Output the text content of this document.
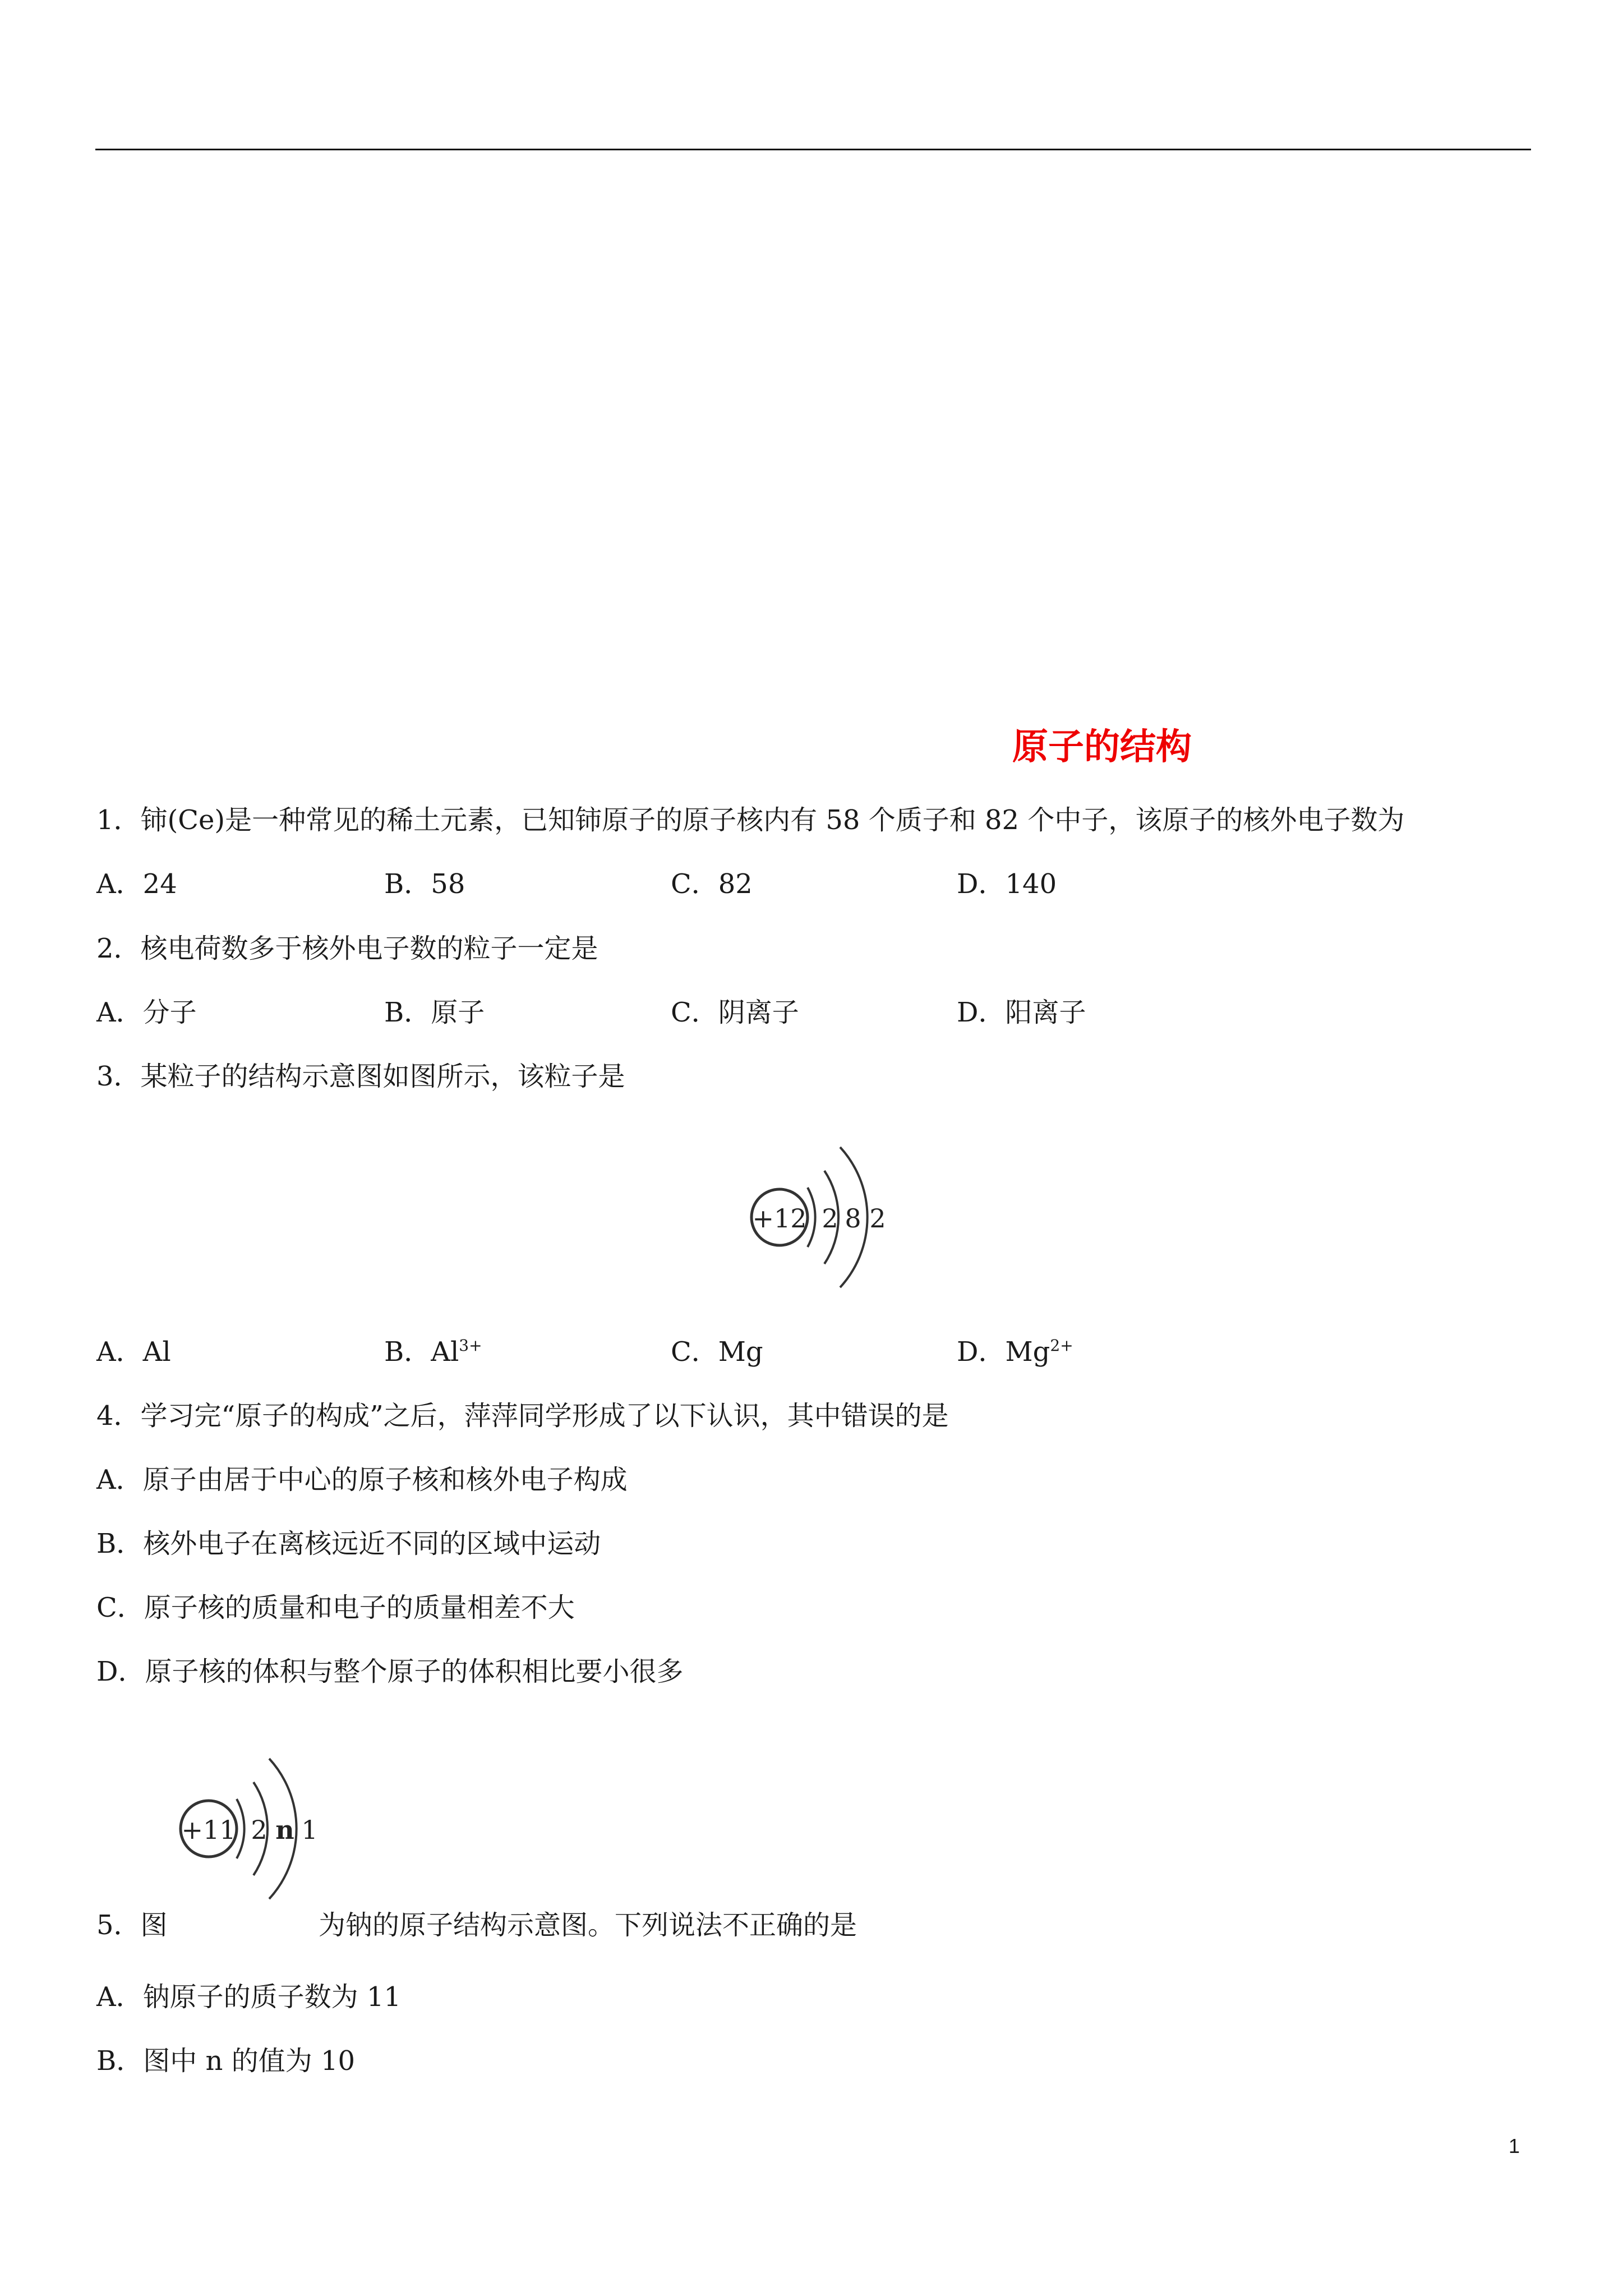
原子的结构
1．铈(Ce)是一种常见的稀土元素，已知铈原子的原子核内有 58 个质子和 82 个中子，该原子的核外电子数为
A．24	B．58	C．82	D．140
2．核电荷数多于核外电子数的粒子一定是
A．分子	B．原子	C．阴离子	D．阳离子
3．某粒子的结构示意图如图所示，该粒子是
+12 2 8 2
A．Al	B．$Al^{3+}$	C．Mg	D．$Mg^{2+}$
4．学习完“原子的构成”之后，萍萍同学形成了以下认识，其中错误的是
A．原子由居于中心的原子核和核外电子构成
B．核外电子在离核远近不同的区域中运动
C．原子核的质量和电子的质量相差不大
D．原子核的体积与整个原子的体积相比要小很多
+11 2 n 1
5．图	为钠的原子结构示意图。下列说法不正确的是
A．钠原子的质子数为 11
B．图中 n 的值为 10
1
